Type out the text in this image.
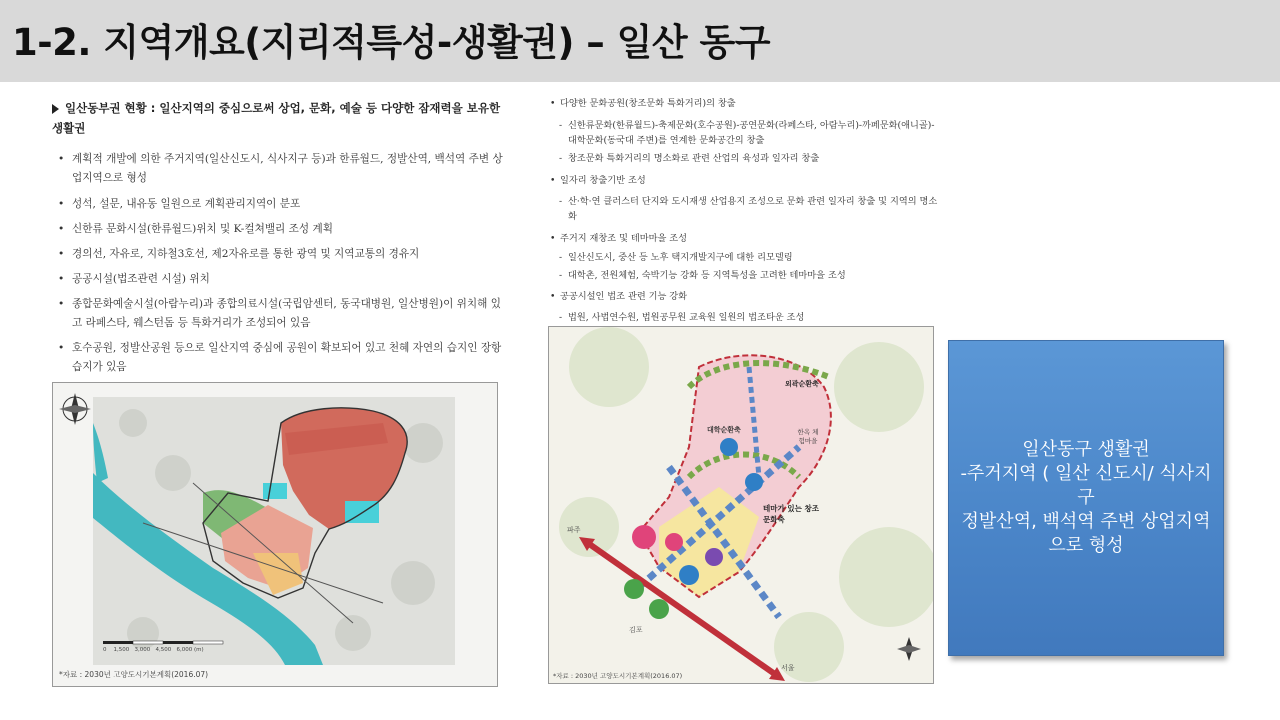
1-2. 지역개요(지리적특성-생활권) – 일산 동구
일산동부권 현황 : 일산지역의 중심으로써 상업, 문화, 예술 등 다양한 잠재력을 보유한 생활권
• 계획적 개발에 의한 주거지역(일산신도시, 식사지구 등)과 한류월드, 정발산역, 백석역 주변 상업지역으로 형성
• 성석, 설문, 내유동 일원으로 계획관리지역이 분포
• 신한류 문화시설(한류월드)위치 및 K-컬쳐밸리 조성 계획
• 경의선, 자유로, 지하철3호선, 제2자유로를 통한 광역 및 지역교통의 경유지
• 공공시설(법조관련 시설) 위치
• 종합문화예술시설(아람누리)과 종합의료시설(국립암센터, 동국대병원, 일산병원)이 위치해 있고 라페스타, 웨스턴돔 등 특화거리가 조성되어 있음
• 호수공원, 정발산공원 등으로 일산지역 중심에 공원이 확보되어 있고 천혜 자연의 습지인 장항습지가 있음
0    1,500   3,000   4,500   6,000 (m)
*자료 : 2030년 고양도시기본계획(2016.07)
• 다양한 문화공원(창조문화 특화거리)의 창출
- 신한류문화(한류월드)-축제문화(호수공원)-공연문화(라페스타, 아람누리)-까페문화(애니골)-대학문화(동국대 주변)를 연계한 문화공간의 창출
- 창조문화 특화거리의 명소화로 관련 산업의 육성과 일자리 창출
• 일자리 창출기반 조성
- 산·학·연 클러스터 단지와 도시재생 산업용지 조성으로 문화 관련 일자리 창출 및 지역의 명소화
• 주거지 재창조 및 테마마을 조성
- 일산신도시, 중산 등 노후 택지개발지구에 대한 리모델링
- 대학촌, 전원체험, 숙박기능 강화 등 지역특성을 고려한 테마마을 조성
• 공공시설인 법조 관련 기능 강화
- 법원, 사법연수원, 법원공무원 교육원 일원의 법조타운 조성
외곽순환축
대학순환축	한옥 체험마을
테마가 있는 창조 문화축
파주
김포
서울
*자료 : 2030년 고양도시기본계획(2016.07)
일산동구 생활권
-주거지역 ( 일산 신도시/ 식사지구
정발산역, 백석역 주변 상업지역으로 형성
